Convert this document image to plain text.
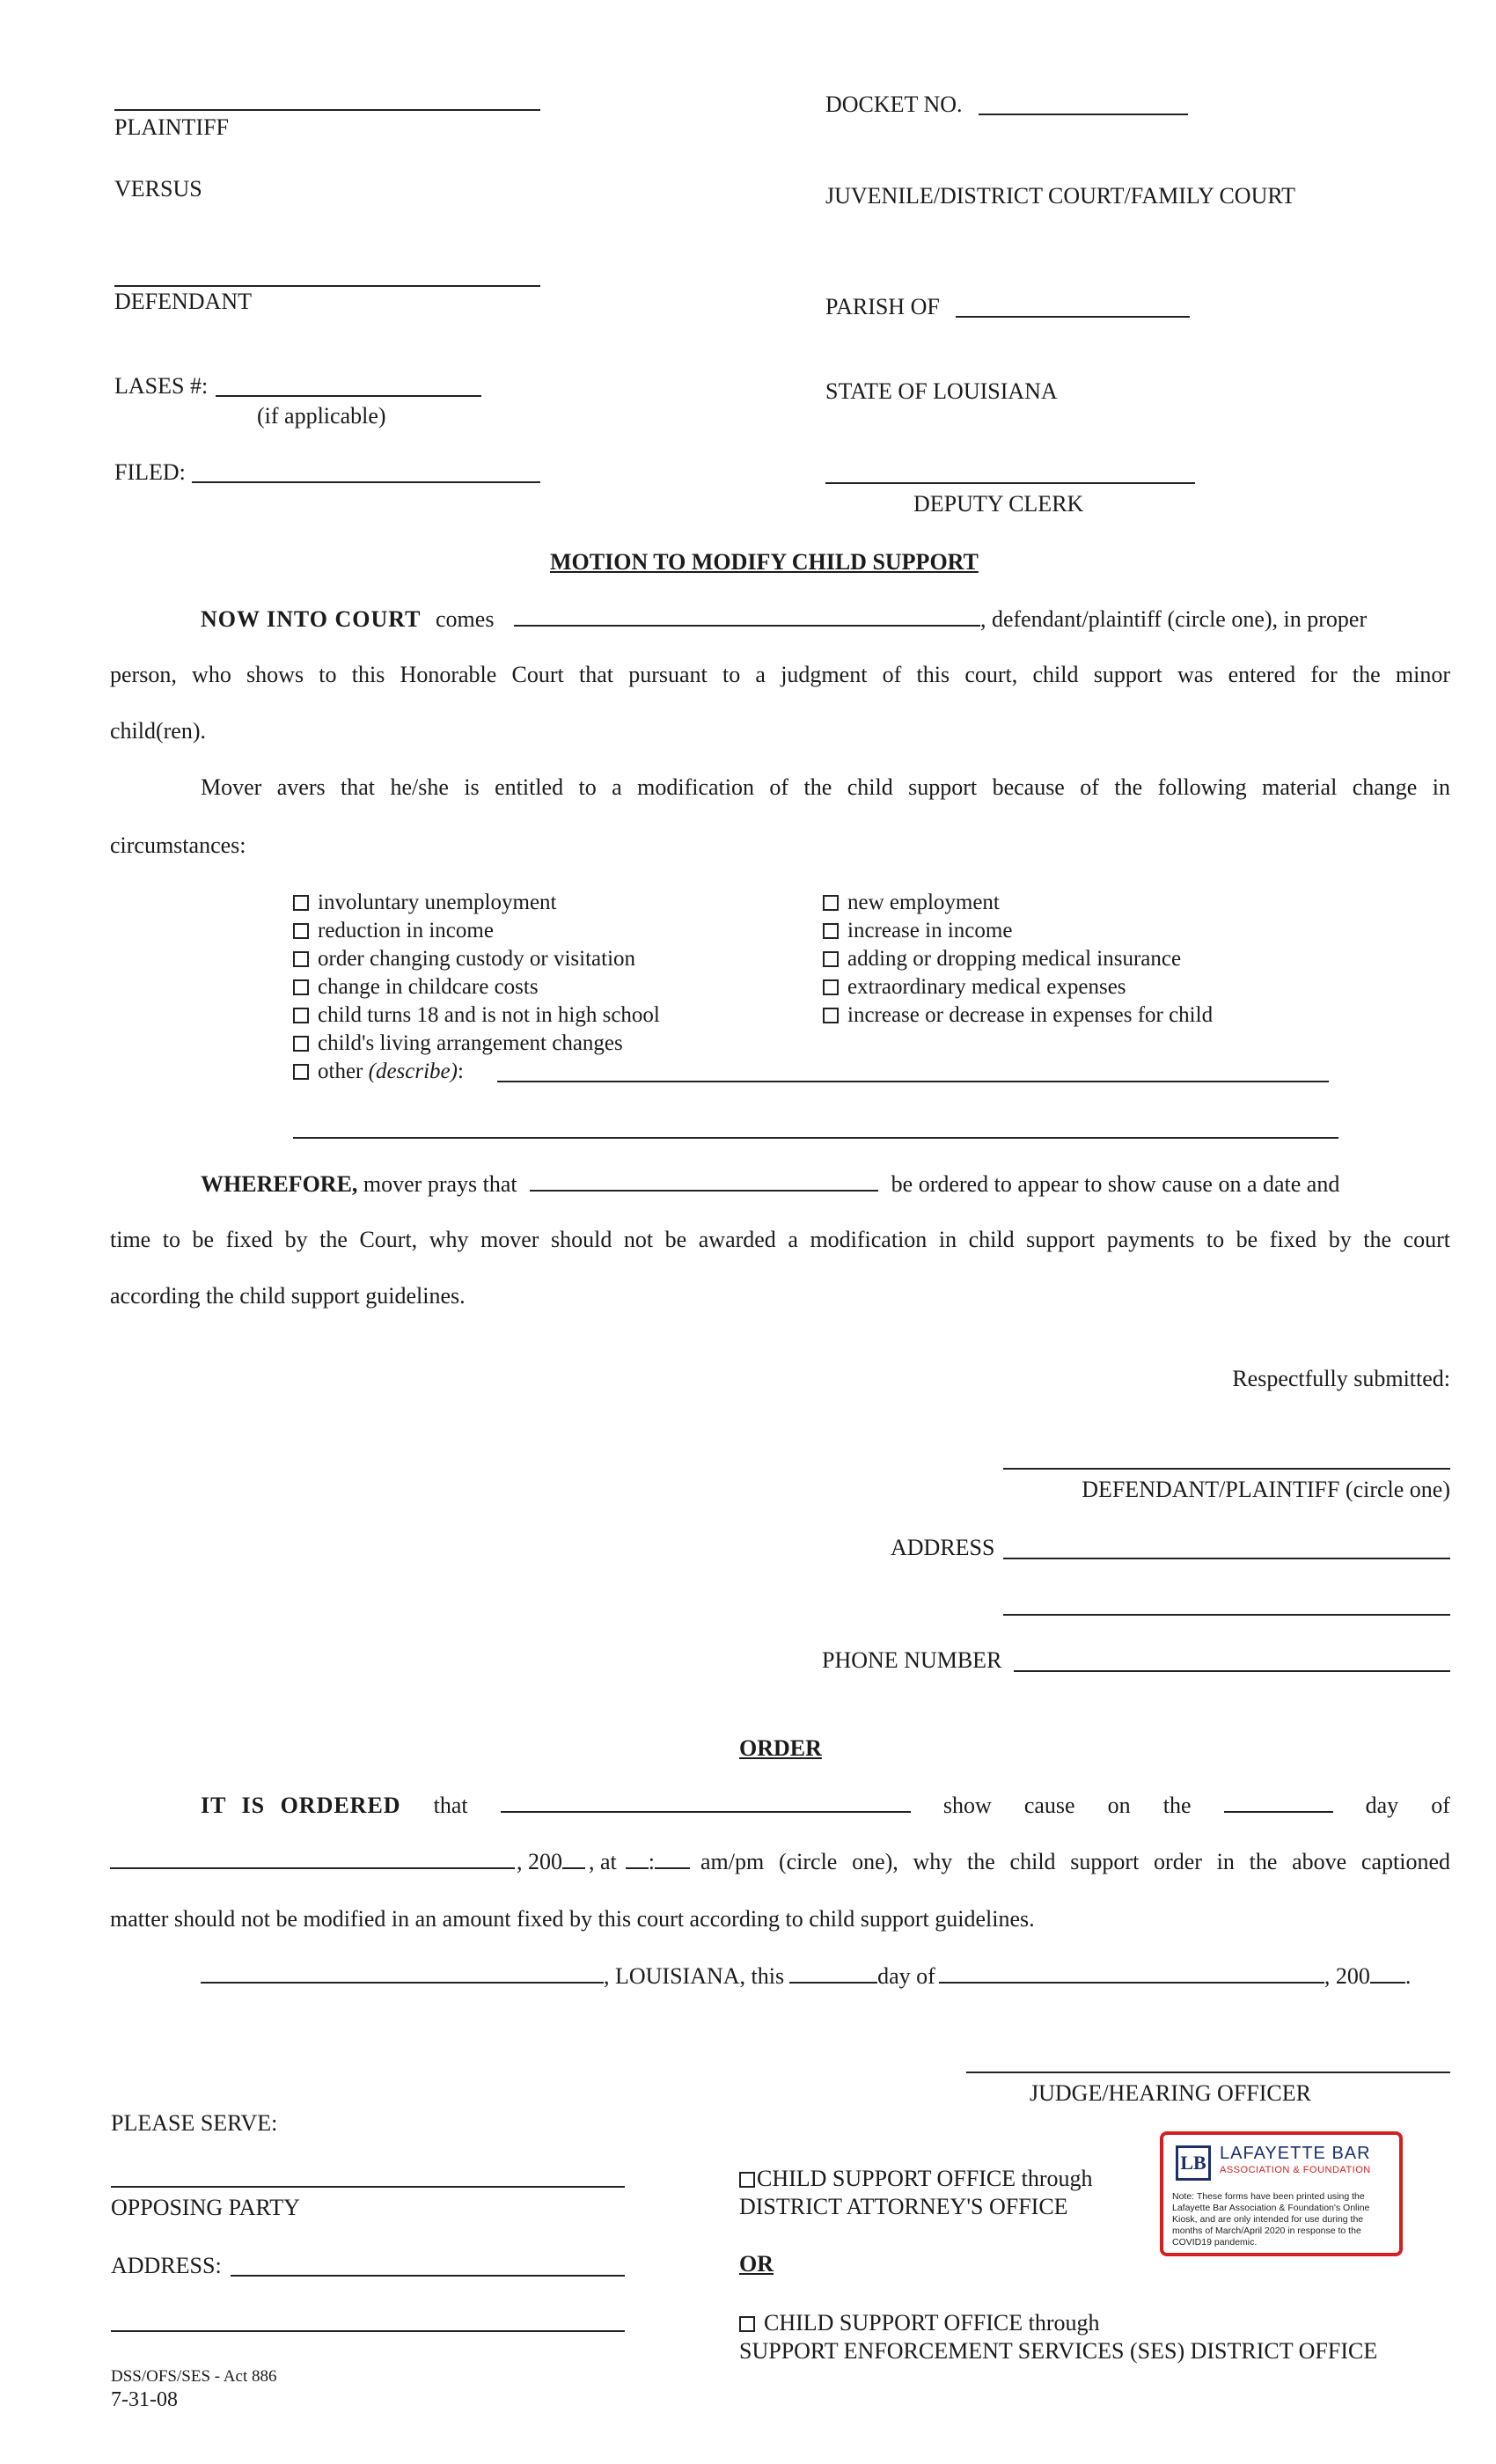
PLAINTIFF
VERSUS
DEFENDANT
LASES #:
(if applicable)
FILED:
DOCKET NO.
JUVENILE/DISTRICT COURT/FAMILY COURT
PARISH OF
STATE OF LOUISIANA
DEPUTY CLERK
MOTION TO MODIFY CHILD SUPPORT
NOW INTO COURT comes	, defendant/plaintiff (circle one), in proper
person, who shows to this Honorable Court that pursuant to a judgment of this court, child support was entered for the minor
child(ren).
Mover avers that he/she is entitled to a modification of the child support because of the following material change in
circumstances:
involuntary unemployment
reduction in income
order changing custody or visitation
change in childcare costs
child turns 18 and is not in high school
child's living arrangement changes
other (describe):
new employment
increase in income
adding or dropping medical insurance
extraordinary medical expenses
increase or decrease in expenses for child
WHEREFORE, mover prays that	be ordered to appear to show cause on a date and
time to be fixed by the Court, why mover should not be awarded a modification in child support payments to be fixed by the court
according the child support guidelines.
Respectfully submitted:
DEFENDANT/PLAINTIFF (circle one)
ADDRESS
PHONE NUMBER
ORDER
IT IS ORDERED that	show cause on the	day of
, 200 , at : am/pm (circle one), why the child support order in the above captioned
matter should not be modified in an amount fixed by this court according to child support guidelines.
, LOUISIANA, this	day of	, 200 .
JUDGE/HEARING OFFICER
PLEASE SERVE:
OPPOSING PARTY
ADDRESS:
CHILD SUPPORT OFFICE through
DISTRICT ATTORNEY'S OFFICE
OR
CHILD SUPPORT OFFICE through
SUPPORT ENFORCEMENT SERVICES (SES) DISTRICT OFFICE
LB LAFAYETTE BAR
ASSOCIATION & FOUNDATION
Note: These forms have been printed using the Lafayette Bar Association & Foundation's Online Kiosk, and are only intended for use during the months of March/April 2020 in response to the COVID19 pandemic.
DSS/OFS/SES - Act 886
7-31-08
